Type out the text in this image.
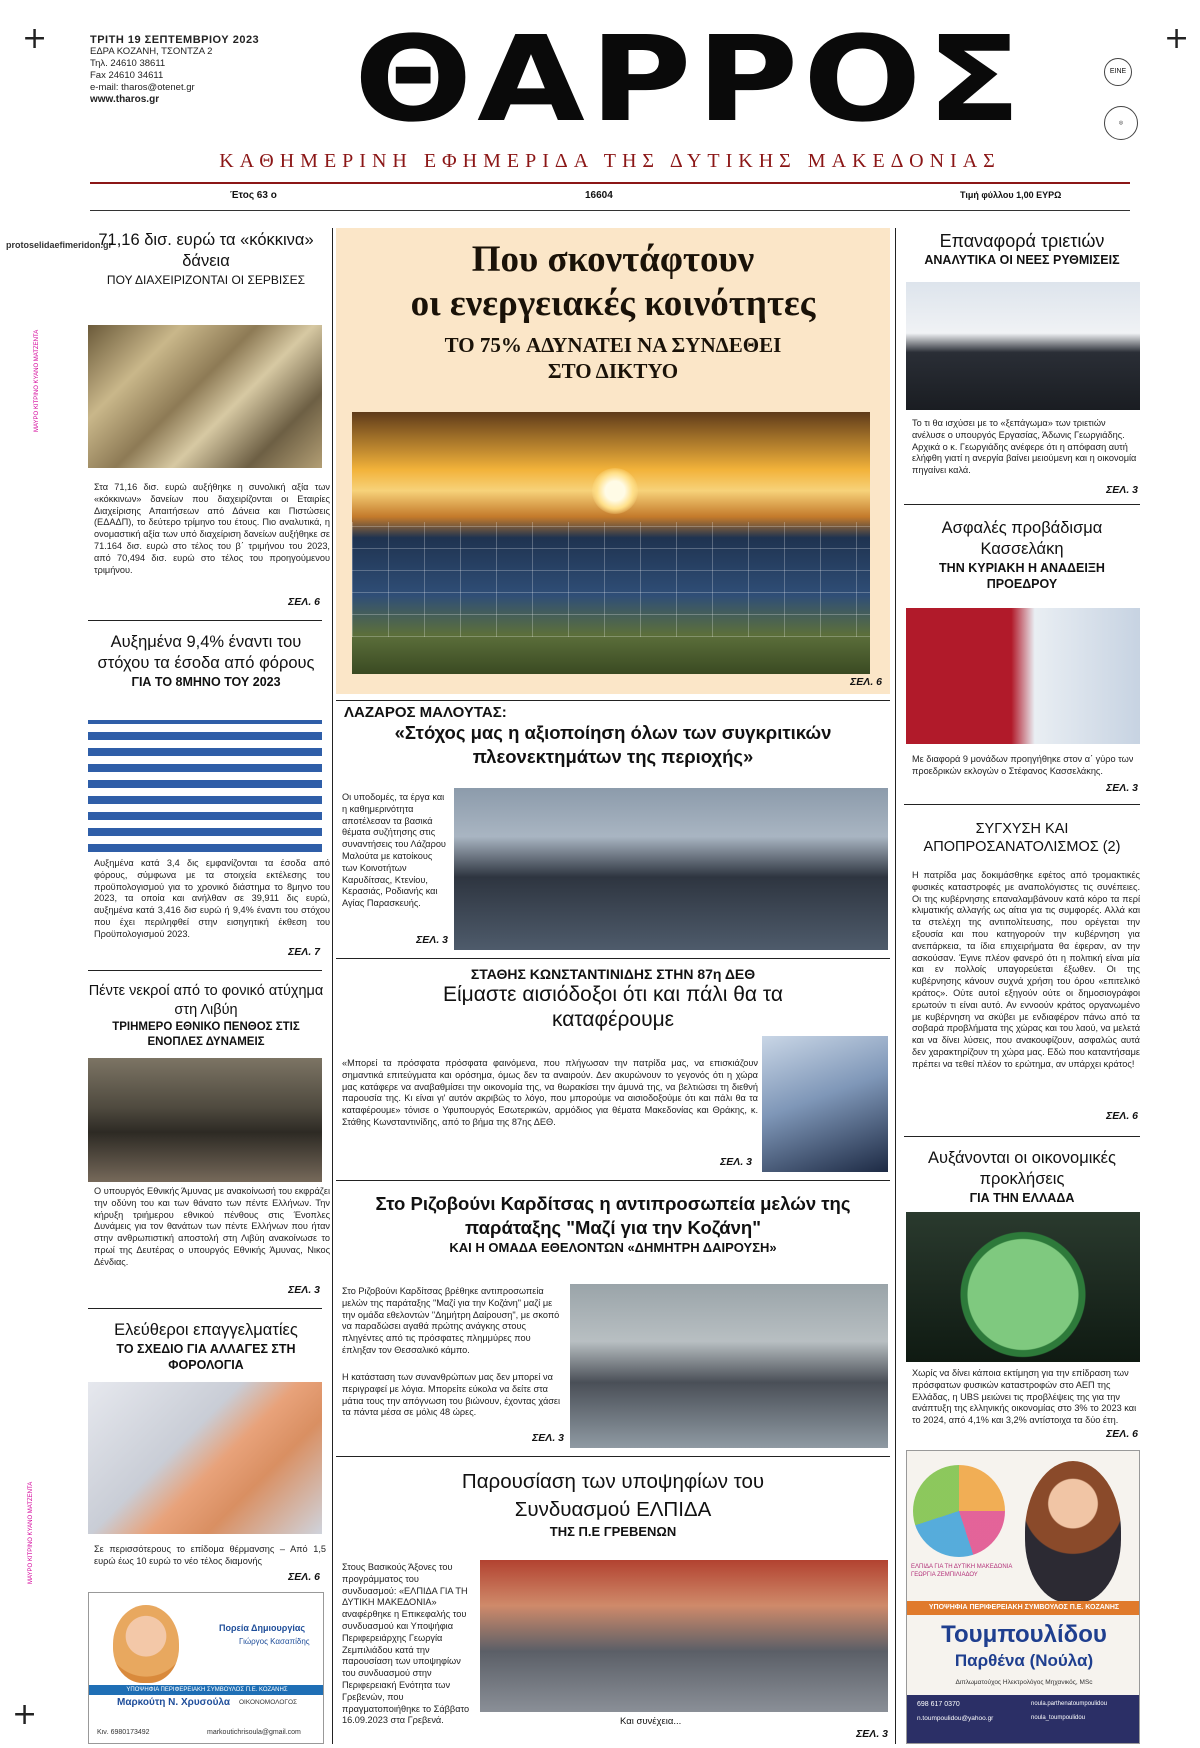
+	+
+
ΜΑΥΡΟ ΚΙΤΡΙΝΟ ΚΥΑΝΟ ΜΑΤΖΕΝΤΑ
ΜΑΥΡΟ ΚΙΤΡΙΝΟ ΚΥΑΝΟ ΜΑΤΖΕΝΤΑ
ΤΡΙΤΗ 19 ΣΕΠΤΕΜΒΡΙΟΥ 2023
ΕΔΡΑ ΚΟΖΑΝΗ, ΤΣΟΝΤΖΑ 2
Τηλ. 24610 38611
Fax 24610 34611
e-mail: tharos@otenet.gr
www.tharos.gr	ΘΑΡΡΟΣ	ΕΙΝΕ
◎
ΚΑΘΗΜΕΡΙΝΗ ΕΦΗΜΕΡΙΔΑ ΤΗΣ ΔΥΤΙΚΗΣ ΜΑΚΕΔΟΝΙΑΣ
Έτος 63 ο	16604	Τιμή φύλλου 1,00 ΕΥΡΩ
protoselidaefimeridon.gr
71,16 δισ. ευρώ τα «κόκκινα» δάνεια
ΠΟΥ ΔΙΑΧΕΙΡΙΖΟΝΤΑΙ ΟΙ ΣΕΡΒΙΣΕΣ
Στα 71,16 δισ. ευρώ αυξήθηκε η συνολική αξία των «κόκκινων» δανείων που διαχειρίζονται οι Εταιρίες Διαχείρισης Απαιτήσεων από Δάνεια και Πιστώσεις (ΕΔΑΔΠ), το δεύτερο τρίμηνο του έτους. Πιο αναλυτικά, η ονομαστική αξία των υπό διαχείριση δανείων αυξήθηκε σε 71.164 δισ. ευρώ στο τέλος του β΄ τριμήνου του 2023, από 70,494 δισ. ευρώ στο τέλος του προηγούμενου τριμήνου.
ΣΕΛ. 6
Αυξημένα 9,4% έναντι του στόχου τα έσοδα από φόρους
ΓΙΑ ΤΟ 8ΜΗΝΟ ΤΟΥ 2023
Αυξημένα κατά 3,4 δις εμφανίζονται τα έσοδα από φόρους, σύμφωνα με τα στοιχεία εκτέλεσης του προϋπολογισμού για το χρονικό διάστημα το 8μηνο του 2023, τα οποία και ανήλθαν σε 39,911 δις ευρώ, αυξημένα κατά 3,416 δισ ευρώ ή 9,4% έναντι του στόχου που έχει περιληφθεί στην εισηγητική έκθεση του Προϋπολογισμού 2023.
ΣΕΛ. 7
Πέντε νεκροί από το φονικό ατύχημα στη Λιβύη
ΤΡΙΗΜΕΡΟ ΕΘΝΙΚΟ ΠΕΝΘΟΣ ΣΤΙΣ ΕΝΟΠΛΕΣ ΔΥΝΑΜΕΙΣ
Ο υπουργός Εθνικής Άμυνας με ανακοίνωσή του εκφράζει την οδύνη του και των θάνατο των πέντε Ελλήνων. Την κήρυξη τριήμερου εθνικού πένθους στις Ένοπλες Δυνάμεις για τον θανάτων των πέντε Ελλήνων που ήταν στην ανθρωπιστική αποστολή στη Λιβύη ανακοίνωσε το πρωί της Δευτέρας ο υπουργός Εθνικής Άμυνας, Νικος Δένδιας.
ΣΕΛ. 3
Ελεύθεροι επαγγελματίες
ΤΟ ΣΧΕΔΙΟ ΓΙΑ ΑΛΛΑΓΕΣ ΣΤΗ ΦΟΡΟΛΟΓΙΑ
Σε περισσότερους το επίδομα θέρμανσης – Από 1,5 ευρώ έως 10 ευρώ το νέο τέλος διαμονής
ΣΕΛ. 6
Πορεία Δημιουργίας
Γιώργος Κασαπίδης
ΥΠΟΨΗΦΙΑ ΠΕΡΙΦΕΡΕΙΑΚΗ ΣΥΜΒΟΥΛΟΣ Π.Ε. ΚΟΖΑΝΗΣ
Μαρκούτη Ν. Χρυσούλα ΟΙΚΟΝΟΜΟΛΟΓΟΣ
Κιν. 6980173492	markoutichrisoula@gmail.com
Που σκοντάφτουν
οι ενεργειακές κοινότητες
ΤΟ 75% ΑΔΥΝΑΤΕΙ ΝΑ ΣΥΝΔΕΘΕΙ
ΣΤΟ ΔΙΚΤΥΟ
ΣΕΛ. 6
ΛΑΖΑΡΟΣ ΜΑΛΟΥΤΑΣ:
«Στόχος μας η αξιοποίηση όλων των συγκριτικών πλεονεκτημάτων της περιοχής»
Οι υποδομές, τα έργα και η καθημερινότητα αποτέλεσαν τα βασικά θέματα συζήτησης στις συναντήσεις του Λάζαρου Μαλούτα με κατοίκους των Κοινοτήτων Καρυδίτσας, Κτενίου, Κερασιάς, Ροδιανής και Αγίας Παρασκευής.
ΣΕΛ. 3
ΣΤΑΘΗΣ ΚΩΝΣΤΑΝΤΙΝΙΔΗΣ ΣΤΗΝ 87η ΔΕΘ
Είμαστε αισιόδοξοι ότι και πάλι θα τα καταφέρουμε
«Μπορεί τα πρόσφατα πρόσφατα φαινόμενα, που πλήγωσαν την πατρίδα μας, να επισκιάζουν σημαντικά επιτεύγματα και ορόσημα, όμως δεν τα αναιρούν. Δεν ακυρώνουν το γεγονός ότι η χώρα μας κατάφερε να αναβαθμίσει την οικονομία της, να θωρακίσει την άμυνά της, να βελτιώσει τη διεθνή παρουσία της. Κι είναι γι' αυτόν ακριβώς το λόγο, που μπορούμε να αισιοδοξούμε ότι και πάλι θα τα καταφέρουμε» τόνισε ο Υφυπουργός Εσωτερικών, αρμόδιος για θέματα Μακεδονίας και Θράκης, κ. Στάθης Κωνσταντινίδης, από το βήμα της 87ης ΔΕΘ.
ΣΕΛ. 3
Στο Ριζοβούνι Καρδίτσας η αντιπροσωπεία μελών της παράταξης "Μαζί για την Κοζάνη"
ΚΑΙ Η ΟΜΑΔΑ ΕΘΕΛΟΝΤΩΝ «ΔΗΜΗΤΡΗ ΔΑΙΡΟΥΣΗ»
Στο Ριζοβούνι Καρδίτσας βρέθηκε αντιπροσωπεία μελών της παράταξης "Μαζί για την Κοζάνη" μαζί με την ομάδα εθελοντών "Δημήτρη Δαίρουση", με σκοπό να παραδώσει αγαθά πρώτης ανάγκης στους πληγέντες από τις πρόσφατες πλημμύρες που έπληξαν τον Θεσσαλικό κάμπο.
Η κατάσταση των συνανθρώπων μας δεν μπορεί να περιγραφεί με λόγια. Μπορείτε εύκολα να δείτε στα μάτια τους την απόγνωση του βιώνουν, έχοντας χάσει τα πάντα μέσα σε μόλις 48 ώρες.
ΣΕΛ. 3
Παρουσίαση των υποψηφίων του Συνδυασμού ΕΛΠΙΔΑ
ΤΗΣ Π.Ε ΓΡΕΒΕΝΩΝ
Στους Βασικούς Άξονες του προγράμματος του συνδυασμού: «ΕΛΠΙΔΑ ΓΙΑ ΤΗ ΔΥΤΙΚΗ ΜΑΚΕΔΟΝΙΑ» αναφέρθηκε η Επικεφαλής του συνδυασμού και Υποψήφια Περιφερειάρχης Γεωργία Ζεμπιλιάδου κατά την παρουσίαση των υποψηφίων του συνδυασμού στην Περιφερειακή Ενότητα των Γρεβενών, που πραγματοποιήθηκε το Σάββατο 16.09.2023 στα Γρεβενά.	Και συνέχεια...
ΣΕΛ. 3
Επαναφορά τριετιών
ΑΝΑΛΥΤΙΚΑ ΟΙ ΝΕΕΣ ΡΥΘΜΙΣΕΙΣ
Το τι θα ισχύσει με το «ξεπάγωμα» των τριετιών ανέλυσε ο υπουργός Εργασίας, Άδωνις Γεωργιάδης. Αρχικά ο κ. Γεωργιάδης ανέφερε ότι η απόφαση αυτή ελήφθη γιατί η ανεργία βαίνει μειούμενη και η οικονομία πηγαίνει καλά.
ΣΕΛ. 3
Ασφαλές προβάδισμα Κασσελάκη
ΤΗΝ ΚΥΡΙΑΚΗ Η ΑΝΑΔΕΙΞΗ ΠΡΟΕΔΡΟΥ
Με διαφορά 9 μονάδων προηγήθηκε στον α΄ γύρο των προεδρικών εκλογών ο Στέφανος Κασσελάκης.
ΣΕΛ. 3
ΣΥΓΧΥΣΗ ΚΑΙ ΑΠΟΠΡΟΣΑΝΑΤΟΛΙΣΜΟΣ (2)
Η πατρίδα μας δοκιμάσθηκε εφέτος από τρομακτικές φυσικές καταστροφές με αναπολόγιστες τις συνέπειες. Οι της κυβέρνησης επαναλαμβάνουν κατά κόρο τα περί κλιματικής αλλαγής ως αίτια για τις συμφορές. Αλλά και τα στελέχη της αντιπολίτευσης, που ορέγεται την εξουσία και που κατηγορούν την κυβέρνηση για ανεπάρκεια, τα ίδια επιχειρήματα θα έφεραν, αν την ασκούσαν. Έγινε πλέον φανερό ότι η πολιτική είναι μία και εν πολλοίς υπαγορεύεται έξωθεν. Οι της κυβέρνησης κάνουν συχνά χρήση του όρου «επιτελικό κράτος». Ούτε αυτοί εξηγούν ούτε οι δημοσιογράφοι ερωτούν τι είναι αυτό. Αν εννοούν κράτος οργανωμένο με κυβέρνηση να σκύβει με ενδιαφέρον πάνω από τα σοβαρά προβλήματα της χώρας και του λαού, να μελετά και να δίνει λύσεις, που ανακουφίζουν, ασφαλώς αυτά δεν χαρακτηρίζουν τη χώρα μας. Εδώ που καταντήσαμε πρέπει να τεθεί πλέον το ερώτημα, αν υπάρχει κράτος!
ΣΕΛ. 6
Αυξάνονται οι οικονομικές προκλήσεις
ΓΙΑ ΤΗΝ ΕΛΛΑΔΑ
Χωρίς να δίνει κάποια εκτίμηση για την επίδραση των πρόσφατων φυσικών καταστροφών στο ΑΕΠ της Ελλάδας, η UBS μειώνει τις προβλέψεις της για την ανάπτυξη της ελληνικής οικονομίας στο 3% το 2023 και το 2024, από 4,1% και 3,2% αντίστοιχα τα δύο έτη.
ΣΕΛ. 6
ΕΛΠΙΔΑ ΓΙΑ ΤΗ ΔΥΤΙΚΗ ΜΑΚΕΔΟΝΙΑ ΓΕΩΡΓΙΑ ΖΕΜΠΙΛΙΑΔΟΥ
ΥΠΟΨΗΦΙΑ ΠΕΡΙΦΕΡΕΙΑΚΗ ΣΥΜΒΟΥΛΟΣ Π.Ε. ΚΟΖΑΝΗΣ
Τουμπουλίδου
Παρθένα (Νούλα)
Διπλωματούχος Ηλεκτρολόγος Μηχανικός, MSc
698 617 0370
n.toumpoulidou@yahoo.gr
noula.parthenatoumpoulidou
noula_toumpoulidou
